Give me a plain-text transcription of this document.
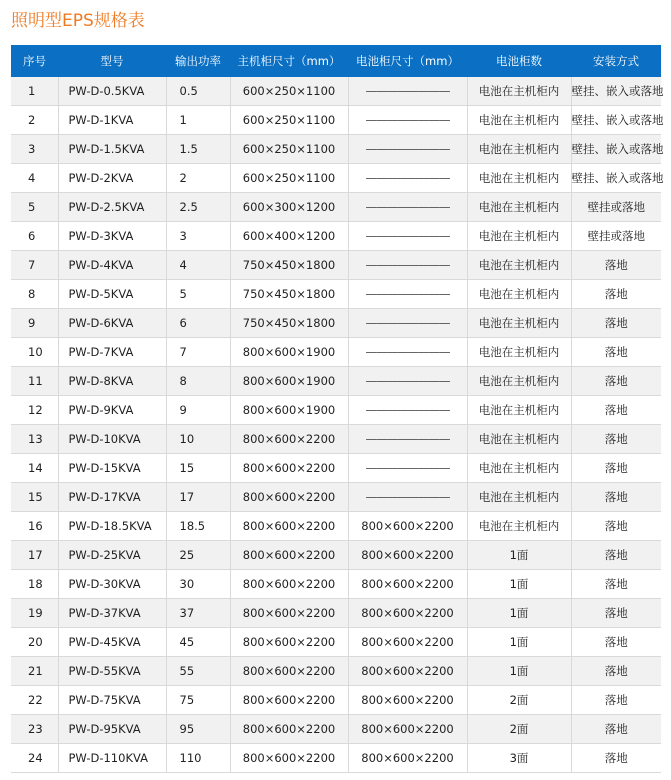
照明型EPS规格表
序号	型号	输出功率	主机柜尺寸（mm）	电池柜尺寸（mm）	电池柜数	安装方式
1	PW-D-0.5KVA	0.5	600×250×1100	————————	电池在主机柜内	壁挂、嵌入或落地
2	PW-D-1KVA	1	600×250×1100	————————	电池在主机柜内	壁挂、嵌入或落地
3	PW-D-1.5KVA	1.5	600×250×1100	————————	电池在主机柜内	壁挂、嵌入或落地
4	PW-D-2KVA	2	600×250×1100	————————	电池在主机柜内	壁挂、嵌入或落地
5	PW-D-2.5KVA	2.5	600×300×1200	————————	电池在主机柜内	壁挂或落地
6	PW-D-3KVA	3	600×400×1200	————————	电池在主机柜内	壁挂或落地
7	PW-D-4KVA	4	750×450×1800	————————	电池在主机柜内	落地
8	PW-D-5KVA	5	750×450×1800	————————	电池在主机柜内	落地
9	PW-D-6KVA	6	750×450×1800	————————	电池在主机柜内	落地
10	PW-D-7KVA	7	800×600×1900	————————	电池在主机柜内	落地
11	PW-D-8KVA	8	800×600×1900	————————	电池在主机柜内	落地
12	PW-D-9KVA	9	800×600×1900	————————	电池在主机柜内	落地
13	PW-D-10KVA	10	800×600×2200	————————	电池在主机柜内	落地
14	PW-D-15KVA	15	800×600×2200	————————	电池在主机柜内	落地
15	PW-D-17KVA	17	800×600×2200	————————	电池在主机柜内	落地
16	PW-D-18.5KVA	18.5	800×600×2200	800×600×2200	电池在主机柜内	落地
17	PW-D-25KVA	25	800×600×2200	800×600×2200	1面	落地
18	PW-D-30KVA	30	800×600×2200	800×600×2200	1面	落地
19	PW-D-37KVA	37	800×600×2200	800×600×2200	1面	落地
20	PW-D-45KVA	45	800×600×2200	800×600×2200	1面	落地
21	PW-D-55KVA	55	800×600×2200	800×600×2200	1面	落地
22	PW-D-75KVA	75	800×600×2200	800×600×2200	2面	落地
23	PW-D-95KVA	95	800×600×2200	800×600×2200	2面	落地
24	PW-D-110KVA	110	800×600×2200	800×600×2200	3面	落地
